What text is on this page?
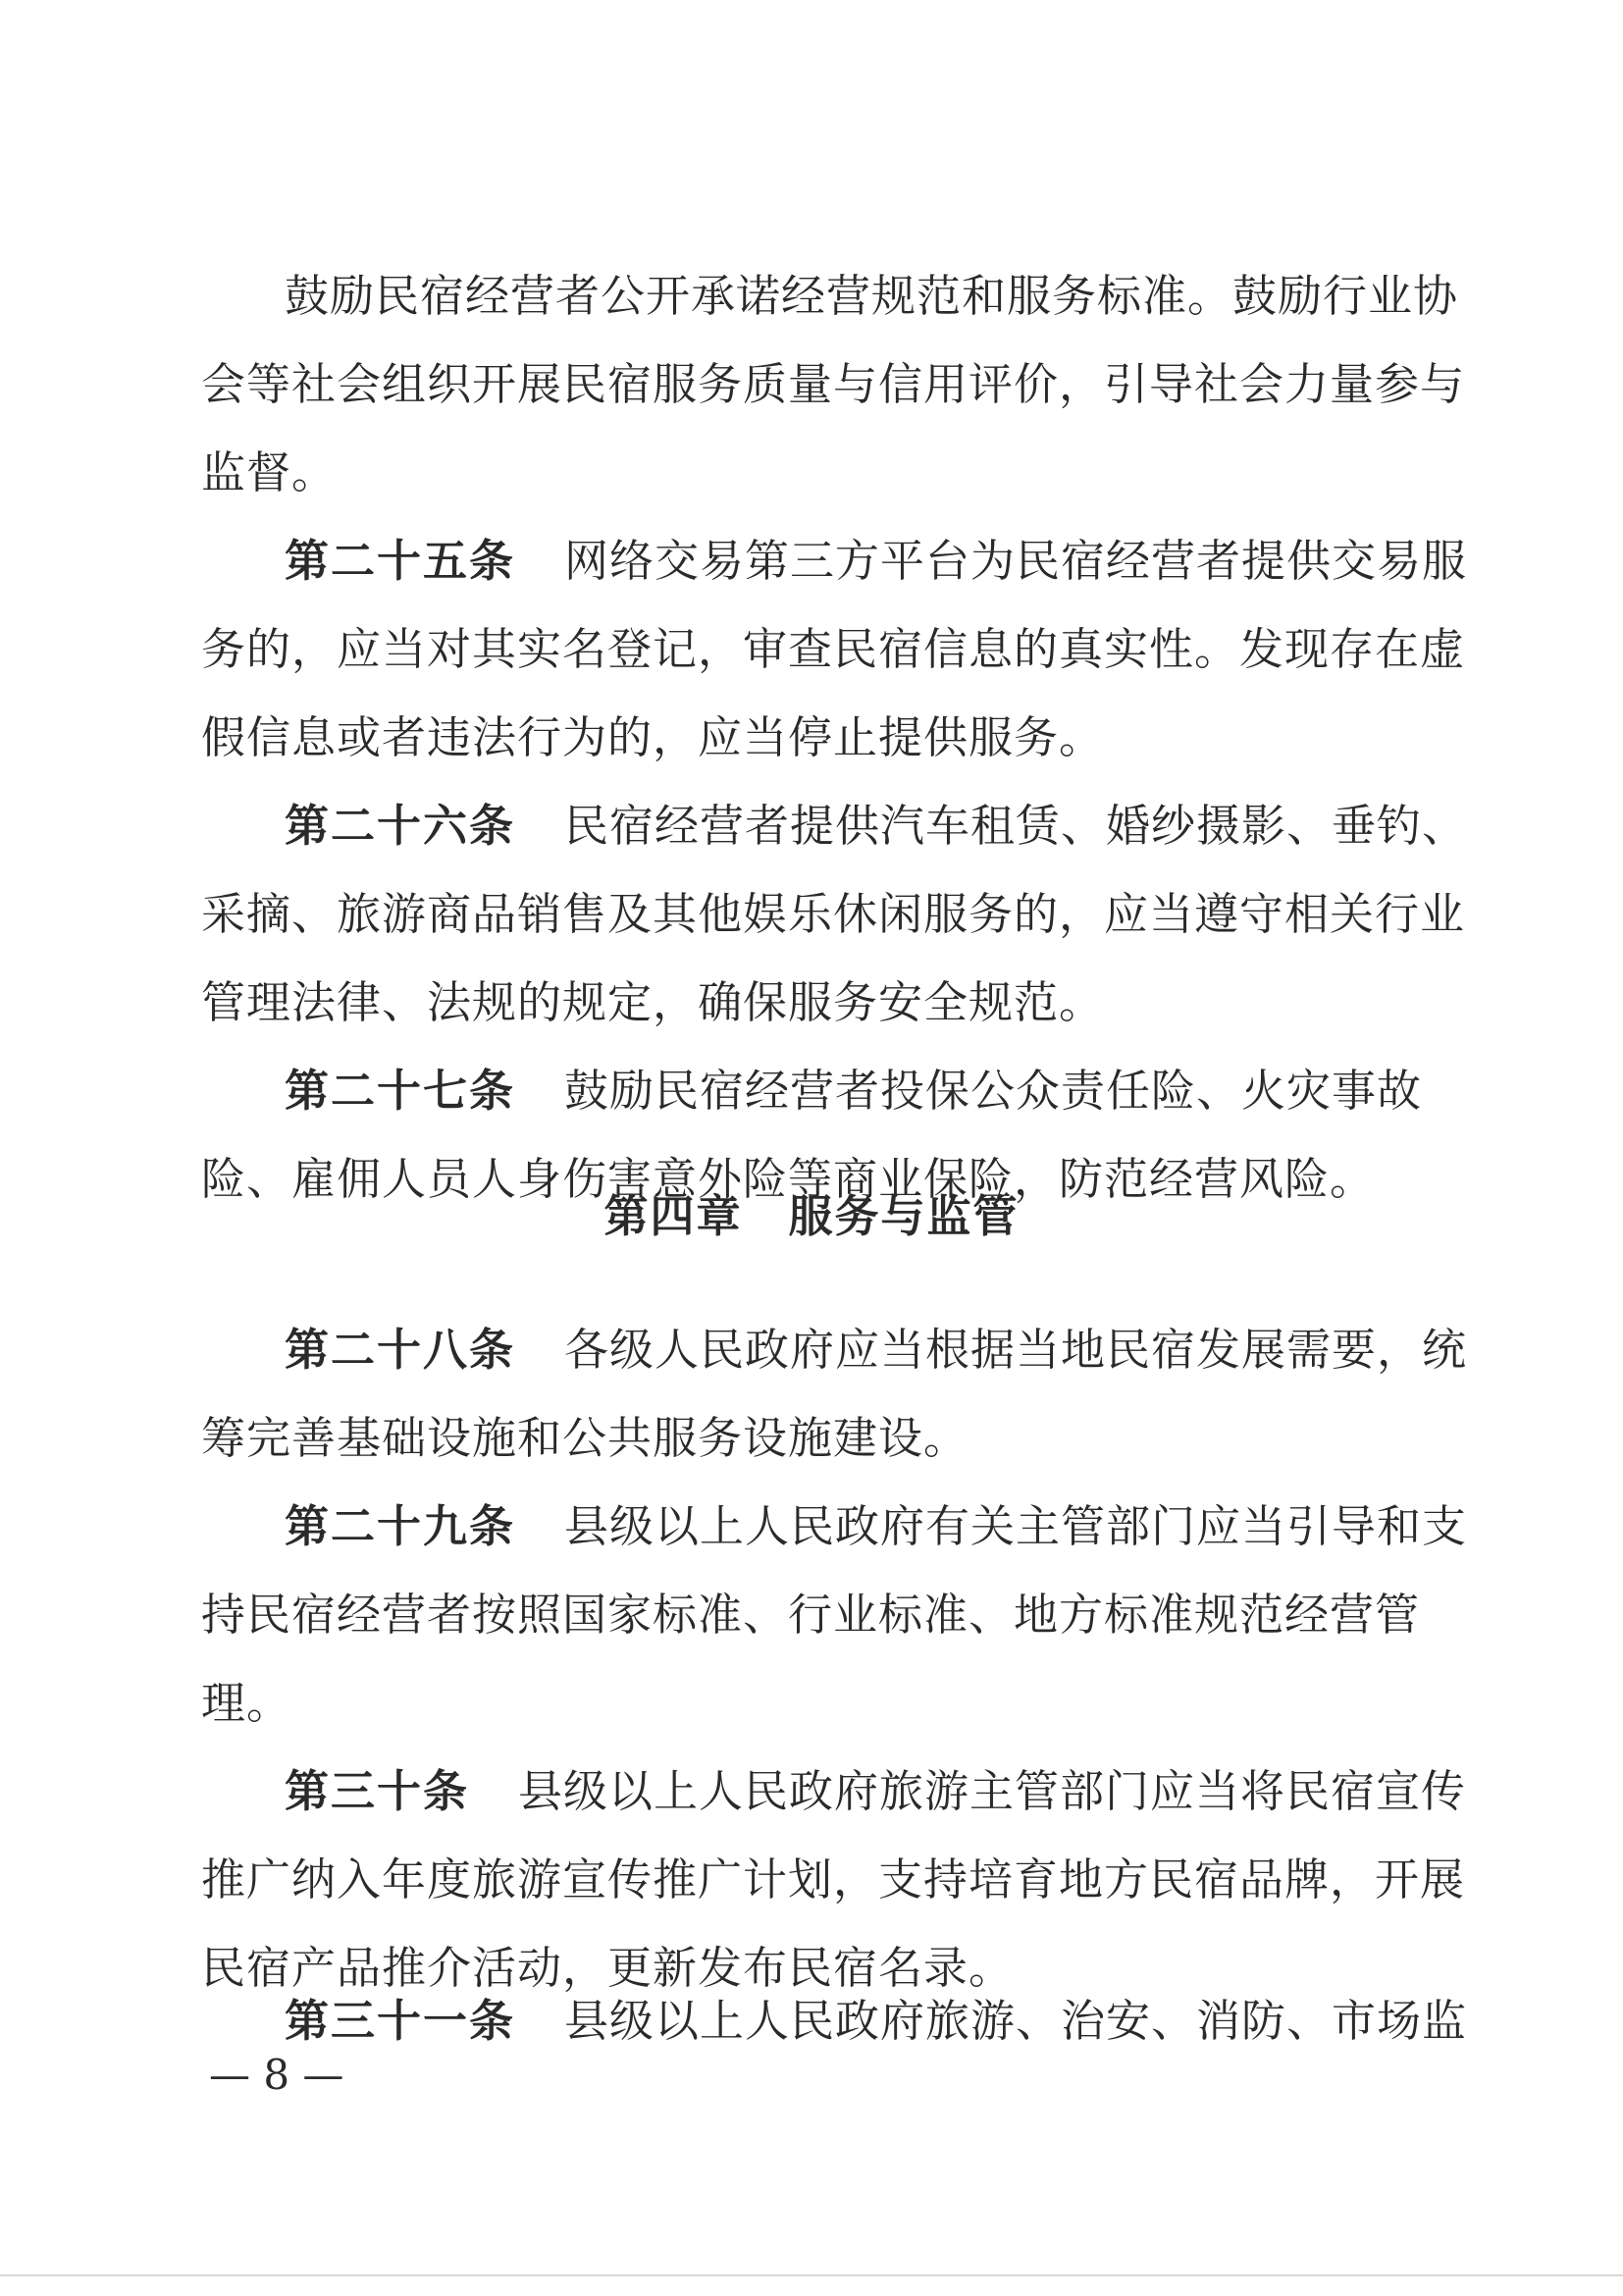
鼓励民宿经营者公开承诺经营规范和服务标准。鼓励行业协
会等社会组织开展民宿服务质量与信用评价，引导社会力量参与
监督。
第二十五条 网络交易第三方平台为民宿经营者提供交易服
务的，应当对其实名登记，审查民宿信息的真实性。发现存在虚
假信息或者违法行为的，应当停止提供服务。
第二十六条 民宿经营者提供汽车租赁、婚纱摄影、垂钓、
采摘、旅游商品销售及其他娱乐休闲服务的，应当遵守相关行业
管理法律、法规的规定，确保服务安全规范。
第二十七条 鼓励民宿经营者投保公众责任险、火灾事故
险、雇佣人员人身伤害意外险等商业保险，防范经营风险。
第四章　服务与监管
第二十八条 各级人民政府应当根据当地民宿发展需要，统
筹完善基础设施和公共服务设施建设。
第二十九条 县级以上人民政府有关主管部门应当引导和支
持民宿经营者按照国家标准、行业标准、地方标准规范经营管
理。
第三十条 县级以上人民政府旅游主管部门应当将民宿宣传
推广纳入年度旅游宣传推广计划，支持培育地方民宿品牌，开展
民宿产品推介活动，更新发布民宿名录。
第三十一条 县级以上人民政府旅游、治安、消防、市场监
— 8 —
